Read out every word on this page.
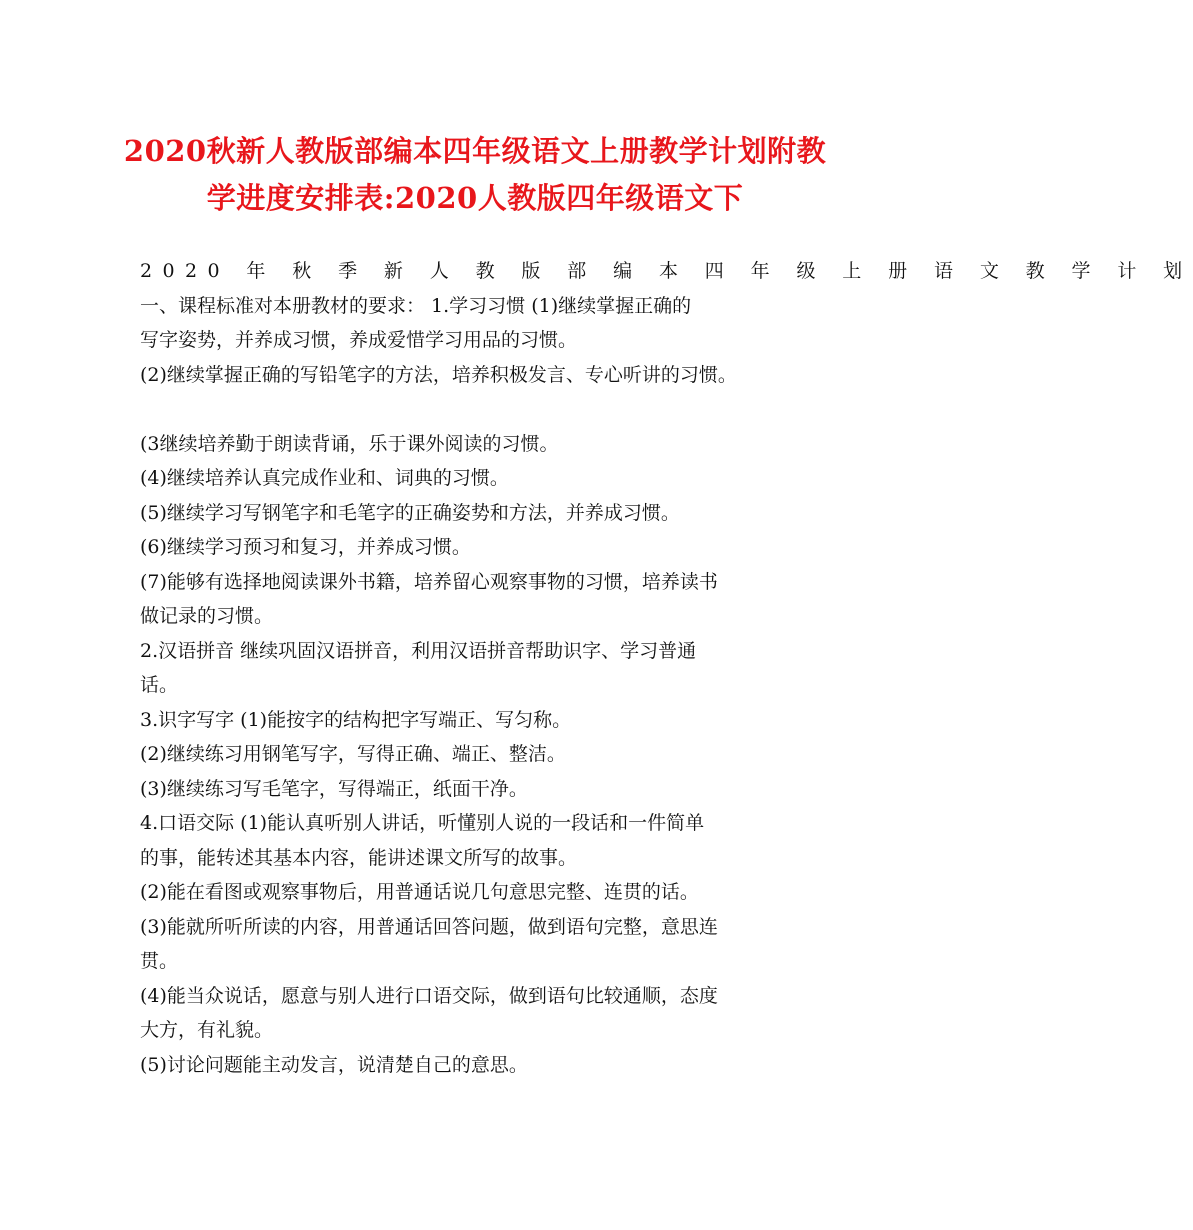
2020秋新人教版部编本四年级语文上册教学计划附教
学进度安排表:2020人教版四年级语文下
2020 年 秋 季 新 人 教 版 部 编 本 四 年 级 上 册 语 文 教 学 计 划
一、课程标准对本册教材的要求： 1.学习习惯 (1)继续掌握正确的
写字姿势，并养成习惯，养成爱惜学习用品的习惯。
(2)继续掌握正确的写铅笔字的方法，培养积极发言、专心听讲的习惯。
(3继续培养勤于朗读背诵，乐于课外阅读的习惯。
(4)继续培养认真完成作业和、词典的习惯。
(5)继续学习写钢笔字和毛笔字的正确姿势和方法，并养成习惯。
(6)继续学习预习和复习，并养成习惯。
(7)能够有选择地阅读课外书籍，培养留心观察事物的习惯，培养读书
做记录的习惯。
2.汉语拼音 继续巩固汉语拼音，利用汉语拼音帮助识字、学习普通
话。
3.识字写字 (1)能按字的结构把字写端正、写匀称。
(2)继续练习用钢笔写字，写得正确、端正、整洁。
(3)继续练习写毛笔字，写得端正，纸面干净。
4.口语交际 (1)能认真听别人讲话，听懂别人说的一段话和一件简单
的事，能转述其基本内容，能讲述课文所写的故事。
(2)能在看图或观察事物后，用普通话说几句意思完整、连贯的话。
(3)能就所听所读的内容，用普通话回答问题，做到语句完整，意思连
贯。
(4)能当众说话，愿意与别人进行口语交际，做到语句比较通顺，态度
大方，有礼貌。
(5)讨论问题能主动发言，说清楚自己的意思。
